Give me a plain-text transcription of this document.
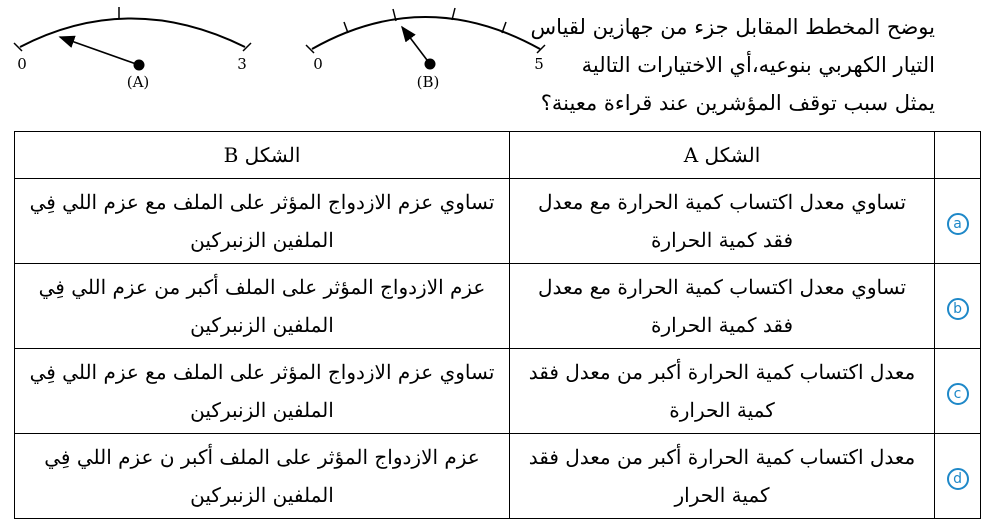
يوضح المخطط المقابل جزء من جهازين لقياس
التيار الكهربي بنوعيه،أي الاختيارات التالية
يمثل سبب توقف المؤشرين عند قراءة معينة؟
0	3
(A)
0	5
(B)
	الشكل A	الشكل B
a	تساوي معدل اكتساب كمية الحرارة مع معدل فقد كمية الحرارة	تساوي عزم الازدواج المؤثر على الملف مع عزم اللي فِي الملفين الزنبركين
b	تساوي معدل اكتساب كمية الحرارة مع معدل فقد كمية الحرارة	عزم الازدواج المؤثر على الملف أكبر من عزم اللي فِي الملفين الزنبركين
c	معدل اكتساب كمية الحرارة أكبر من معدل فقد كمية الحرارة	تساوي عزم الازدواج المؤثر على الملف مع عزم اللي فِي الملفين الزنبركين
d	معدل اكتساب كمية الحرارة أكبر من معدل فقد كمية الحرار	عزم الازدواج المؤثر على الملف أكبر ن عزم اللي فِي الملفين الزنبركين
